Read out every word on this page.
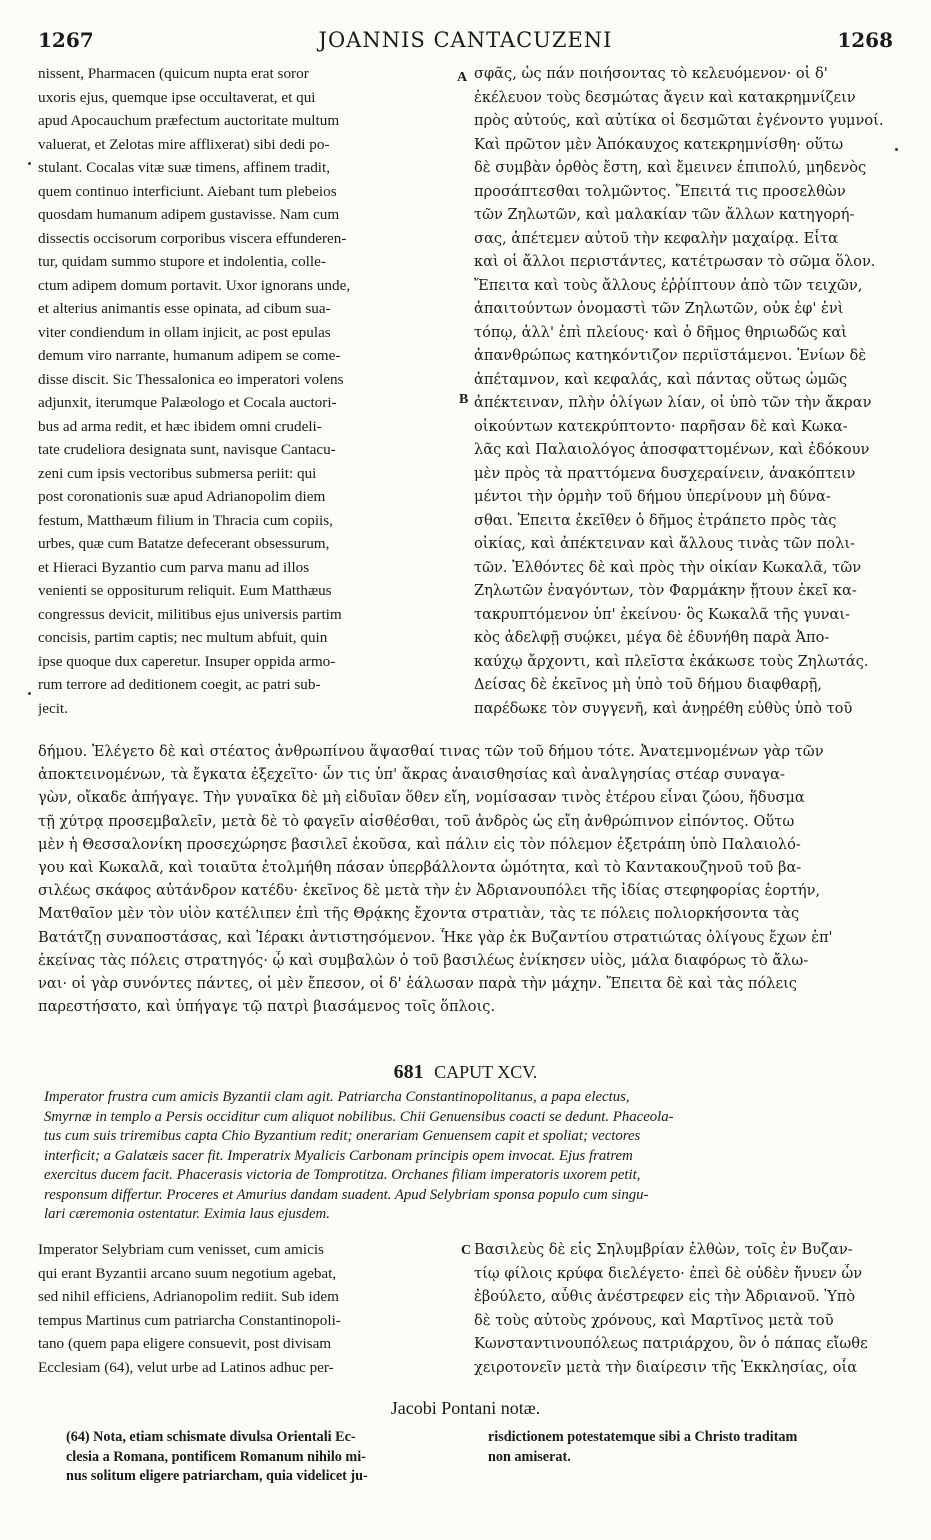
1267	JOANNIS CANTACUZENI	1268
nissent, Pharmacen (quicum nupta erat soror
uxoris ejus, quemque ipse occultaverat, et qui
apud Apocauchum præfectum auctoritate multum
valuerat, et Zelotas mire afflixerat) sibi dedi po-
stulant. Cocalas vitæ suæ timens, affinem tradit,
quem continuo interficiunt. Aiebant tum plebeios
quosdam humanum adipem gustavisse. Nam cum
dissectis occisorum corporibus viscera effunderen-
tur, quidam summo stupore et indolentia, colle-
ctum adipem domum portavit. Uxor ignorans unde,
et alterius animantis esse opinata, ad cibum sua-
viter condiendum in ollam injicit, ac post epulas
demum viro narrante, humanum adipem se come-
disse discit. Sic Thessalonica eo imperatori volens
adjunxit, iterumque Palæologo et Cocala auctori-
bus ad arma redit, et hæc ibidem omni crudeli-
tate crudeliora designata sunt, navisque Cantacu-
zeni cum ipsis vectoribus submersa periit: qui
post coronationis suæ apud Adrianopolim diem
festum, Matthæum filium in Thracia cum copiis,
urbes, quæ cum Batatze defecerant obsessurum,
et Hieraci Byzantio cum parva manu ad illos
venienti se oppositurum reliquit. Eum Matthæus
congressus devicit, militibus ejus universis partim
concisis, partim captis; nec multum abfuit, quin
ipse quoque dux caperetur. Insuper oppida armo-
rum terrore ad deditionem coegit, ac patri sub-
jecit.
σφᾶς, ὡς πάν ποιήσοντας τὸ κελευόμενον· οἱ δ'
ἐκέλευον τοὺς δεσμώτας ἄγειν καὶ κατακρημνίζειν
πρὸς αὐτούς, καὶ αὐτίκα οἱ δεσμῶται ἐγένοντο γυμνοί.
Καὶ πρῶτον μὲν Ἀπόκαυχος κατεκρημνίσθη· οὕτω
δὲ συμβὰν ὀρθὸς ἔστη, καὶ ἔμεινεν ἐπιπολύ, μηδενὸς
προσάπτεσθαι τολμῶντος. Ἔπειτά τις προσελθὼν
τῶν Ζηλωτῶν, καὶ μαλακίαν τῶν ἄλλων κατηγορή-
σας, ἀπέτεμεν αὐτοῦ τὴν κεφαλὴν μαχαίρᾳ. Εἶτα
καὶ οἱ ἄλλοι περιστάντες, κατέτρωσαν τὸ σῶμα ὅλον.
Ἔπειτα καὶ τοὺς ἄλλους ἐῤῥίπτουν ἀπὸ τῶν τειχῶν,
ἀπαιτούντων ὀνομαστὶ τῶν Ζηλωτῶν, οὐκ ἐφ' ἑνὶ
τόπῳ, ἀλλ' ἐπὶ πλείους· καὶ ὁ δῆμος θηριωδῶς καὶ
ἀπανθρώπως κατηκόντιζον περιϊστάμενοι. Ἐνίων δὲ
ἀπέταμνον, καὶ κεφαλάς, καὶ πάντας οὕτως ὠμῶς
ἀπέκτειναν, πλὴν ὀλίγων λίαν, οἱ ὑπὸ τῶν τὴν ἄκραν
οἰκούντων κατεκρύπτοντο· παρῆσαν δὲ καὶ Κωκα-
λᾶς καὶ Παλαιολόγος ἀποσφαττομένων, καὶ ἐδόκουν
μὲν πρὸς τὰ πραττόμενα δυσχεραίνειν, ἀνακόπτειν
μέντοι τὴν ὁρμὴν τοῦ δήμου ὑπερίνουν μὴ δύνα-
σθαι. Ἐπειτα ἐκεῖθεν ὁ δῆμος ἐτράπετο πρὸς τὰς
οἰκίας, καὶ ἀπέκτειναν καὶ ἄλλους τινὰς τῶν πολι-
τῶν. Ἐλθόντες δὲ καὶ πρὸς τὴν οἰκίαν Κωκαλᾶ, τῶν
Ζηλωτῶν ἐναγόντων, τὸν Φαρμάκην ᾔτουν ἐκεῖ κα-
τακρυπτόμενον ὑπ' ἐκείνου· ὃς Κωκαλᾶ τῆς γυναι-
κὸς ἀδελφῇ συῴκει, μέγα δὲ ἐδυνήθη παρὰ Ἀπο-
καύχῳ ἄρχοντι, καὶ πλεῖστα ἐκάκωσε τοὺς Ζηλωτάς.
Δείσας δὲ ἐκεῖνος μὴ ὑπὸ τοῦ δήμου διαφθαρῇ,
παρέδωκε τὸν συγγενῆ, καὶ ἀνῃρέθη εὐθὺς ὑπὸ τοῦ
δήμου. Ἐλέγετο δὲ καὶ στέατος ἀνθρωπίνου ἅψασθαί τινας τῶν τοῦ δήμου τότε. Ἀνατεμνομένων γὰρ τῶν
ἀποκτεινομένων, τὰ ἔγκατα ἐξεχεῖτο· ὧν τις ὑπ' ἄκρας ἀναισθησίας καὶ ἀναλγησίας στέαρ συναγα-
γὼν, οἴκαδε ἀπήγαγε. Τὴν γυναῖκα δὲ μὴ εἰδυῖαν ὅθεν εἴη, νομίσασαν τινὸς ἑτέρου εἶναι ζώου, ἥδυσμα
τῇ χύτρᾳ προσεμβαλεῖν, μετὰ δὲ τὸ φαγεῖν αἰσθέσθαι, τοῦ ἀνδρὸς ὡς εἴη ἀνθρώπινον εἰπόντος. Οὕτω
μὲν ἡ Θεσσαλονίκη προσεχώρησε βασιλεῖ ἑκοῦσα, καὶ πάλιν εἰς τὸν πόλεμον ἐξετράπη ὑπὸ Παλαιολό-
γου καὶ Κωκαλᾶ, καὶ τοιαῦτα ἐτολμήθη πάσαν ὑπερβάλλοντα ὠμότητα, καὶ τὸ Καντακουζηνοῦ τοῦ βα-
σιλέως σκάφος αὐτάνδρον κατέδυ· ἐκεῖνος δὲ μετὰ τὴν ἐν Ἀδριανουπόλει τῆς ἰδίας στεφηφορίας ἑορτήν,
Ματθαῖον μὲν τὸν υἱὸν κατέλιπεν ἐπὶ τῆς Θρᾴκης ἔχοντα στρατιὰν, τὰς τε πόλεις πολιορκήσοντα τὰς
Βατάτζῃ συναποστάσας, καὶ Ἱέρακι ἀντιστησόμενον. Ἧκε γὰρ ἐκ Βυζαντίου στρατιώτας ὀλίγους ἔχων ἐπ'
ἐκείνας τὰς πόλεις στρατηγός· ᾧ καὶ συμβαλὼν ὁ τοῦ βασιλέως ἐνίκησεν υἱὸς, μάλα διαφόρως τὸ ἄλω-
ναι· οἱ γὰρ συνόντες πάντες, οἱ μὲν ἔπεσον, οἱ δ' ἑάλωσαν παρὰ τὴν μάχην. Ἔπειτα δὲ καὶ τὰς πόλεις
παρεστήσατο, καὶ ὑπήγαγε τῷ πατρὶ βιασάμενος τοῖς ὅπλοις.
A
B
C
681 CAPUT XCV.
Imperator frustra cum amicis Byzantii clam agit. Patriarcha Constantinopolitanus, a papa electus,
Smyrnæ in templo a Persis occiditur cum aliquot nobilibus. Chii Genuensibus coacti se dedunt. Phaceola-
tus cum suis triremibus capta Chio Byzantium redit; onerariam Genuensem capit et spoliat; vectores
interficit; a Galatæis sacer fit. Imperatrix Myalicis Carbonam principis opem invocat. Ejus fratrem
exercitus ducem facit. Phacerasis victoria de Tomprotitza. Orchanes filiam imperatoris uxorem petit,
responsum differtur. Proceres et Amurius dandam suadent. Apud Selybriam sponsa populo cum singu-
lari cæremonia ostentatur. Eximia laus ejusdem.
Imperator Selybriam cum venisset, cum amicis
qui erant Byzantii arcano suum negotium agebat,
sed nihil efficiens, Adrianopolim rediit. Sub idem
tempus Martinus cum patriarcha Constantinopoli-
tano (quem papa eligere consuevit, post divisam
Ecclesiam (64), velut urbe ad Latinos adhuc per-
Βασιλεὺς δὲ εἰς Σηλυμβρίαν ἐλθὼν, τοῖς ἐν Βυζαν-
τίῳ φίλοις κρύφα διελέγετο· ἐπεὶ δὲ οὐδὲν ἤνυεν ὧν
ἐβούλετο, αὖθις ἀνέστρεφεν εἰς τὴν Ἀδριανοῦ. Ὑπὸ
δὲ τοὺς αὐτοὺς χρόνους, καὶ Μαρτῖνος μετὰ τοῦ
Κωνσταντινουπόλεως πατριάρχου, ὃν ὁ πάπας εἴωθε
χειροτονεῖν μετὰ τὴν διαίρεσιν τῆς Ἐκκλησίας, οἷα
Jacobi Pontani notæ.
(64) Nota, etiam schismate divulsa Orientali Ec-
clesia a Romana, pontificem Romanum nihilo mi-
nus solitum eligere patriarcham, quia videlicet ju-
risdictionem potestatemque sibi a Christo traditam
non amiserat.
